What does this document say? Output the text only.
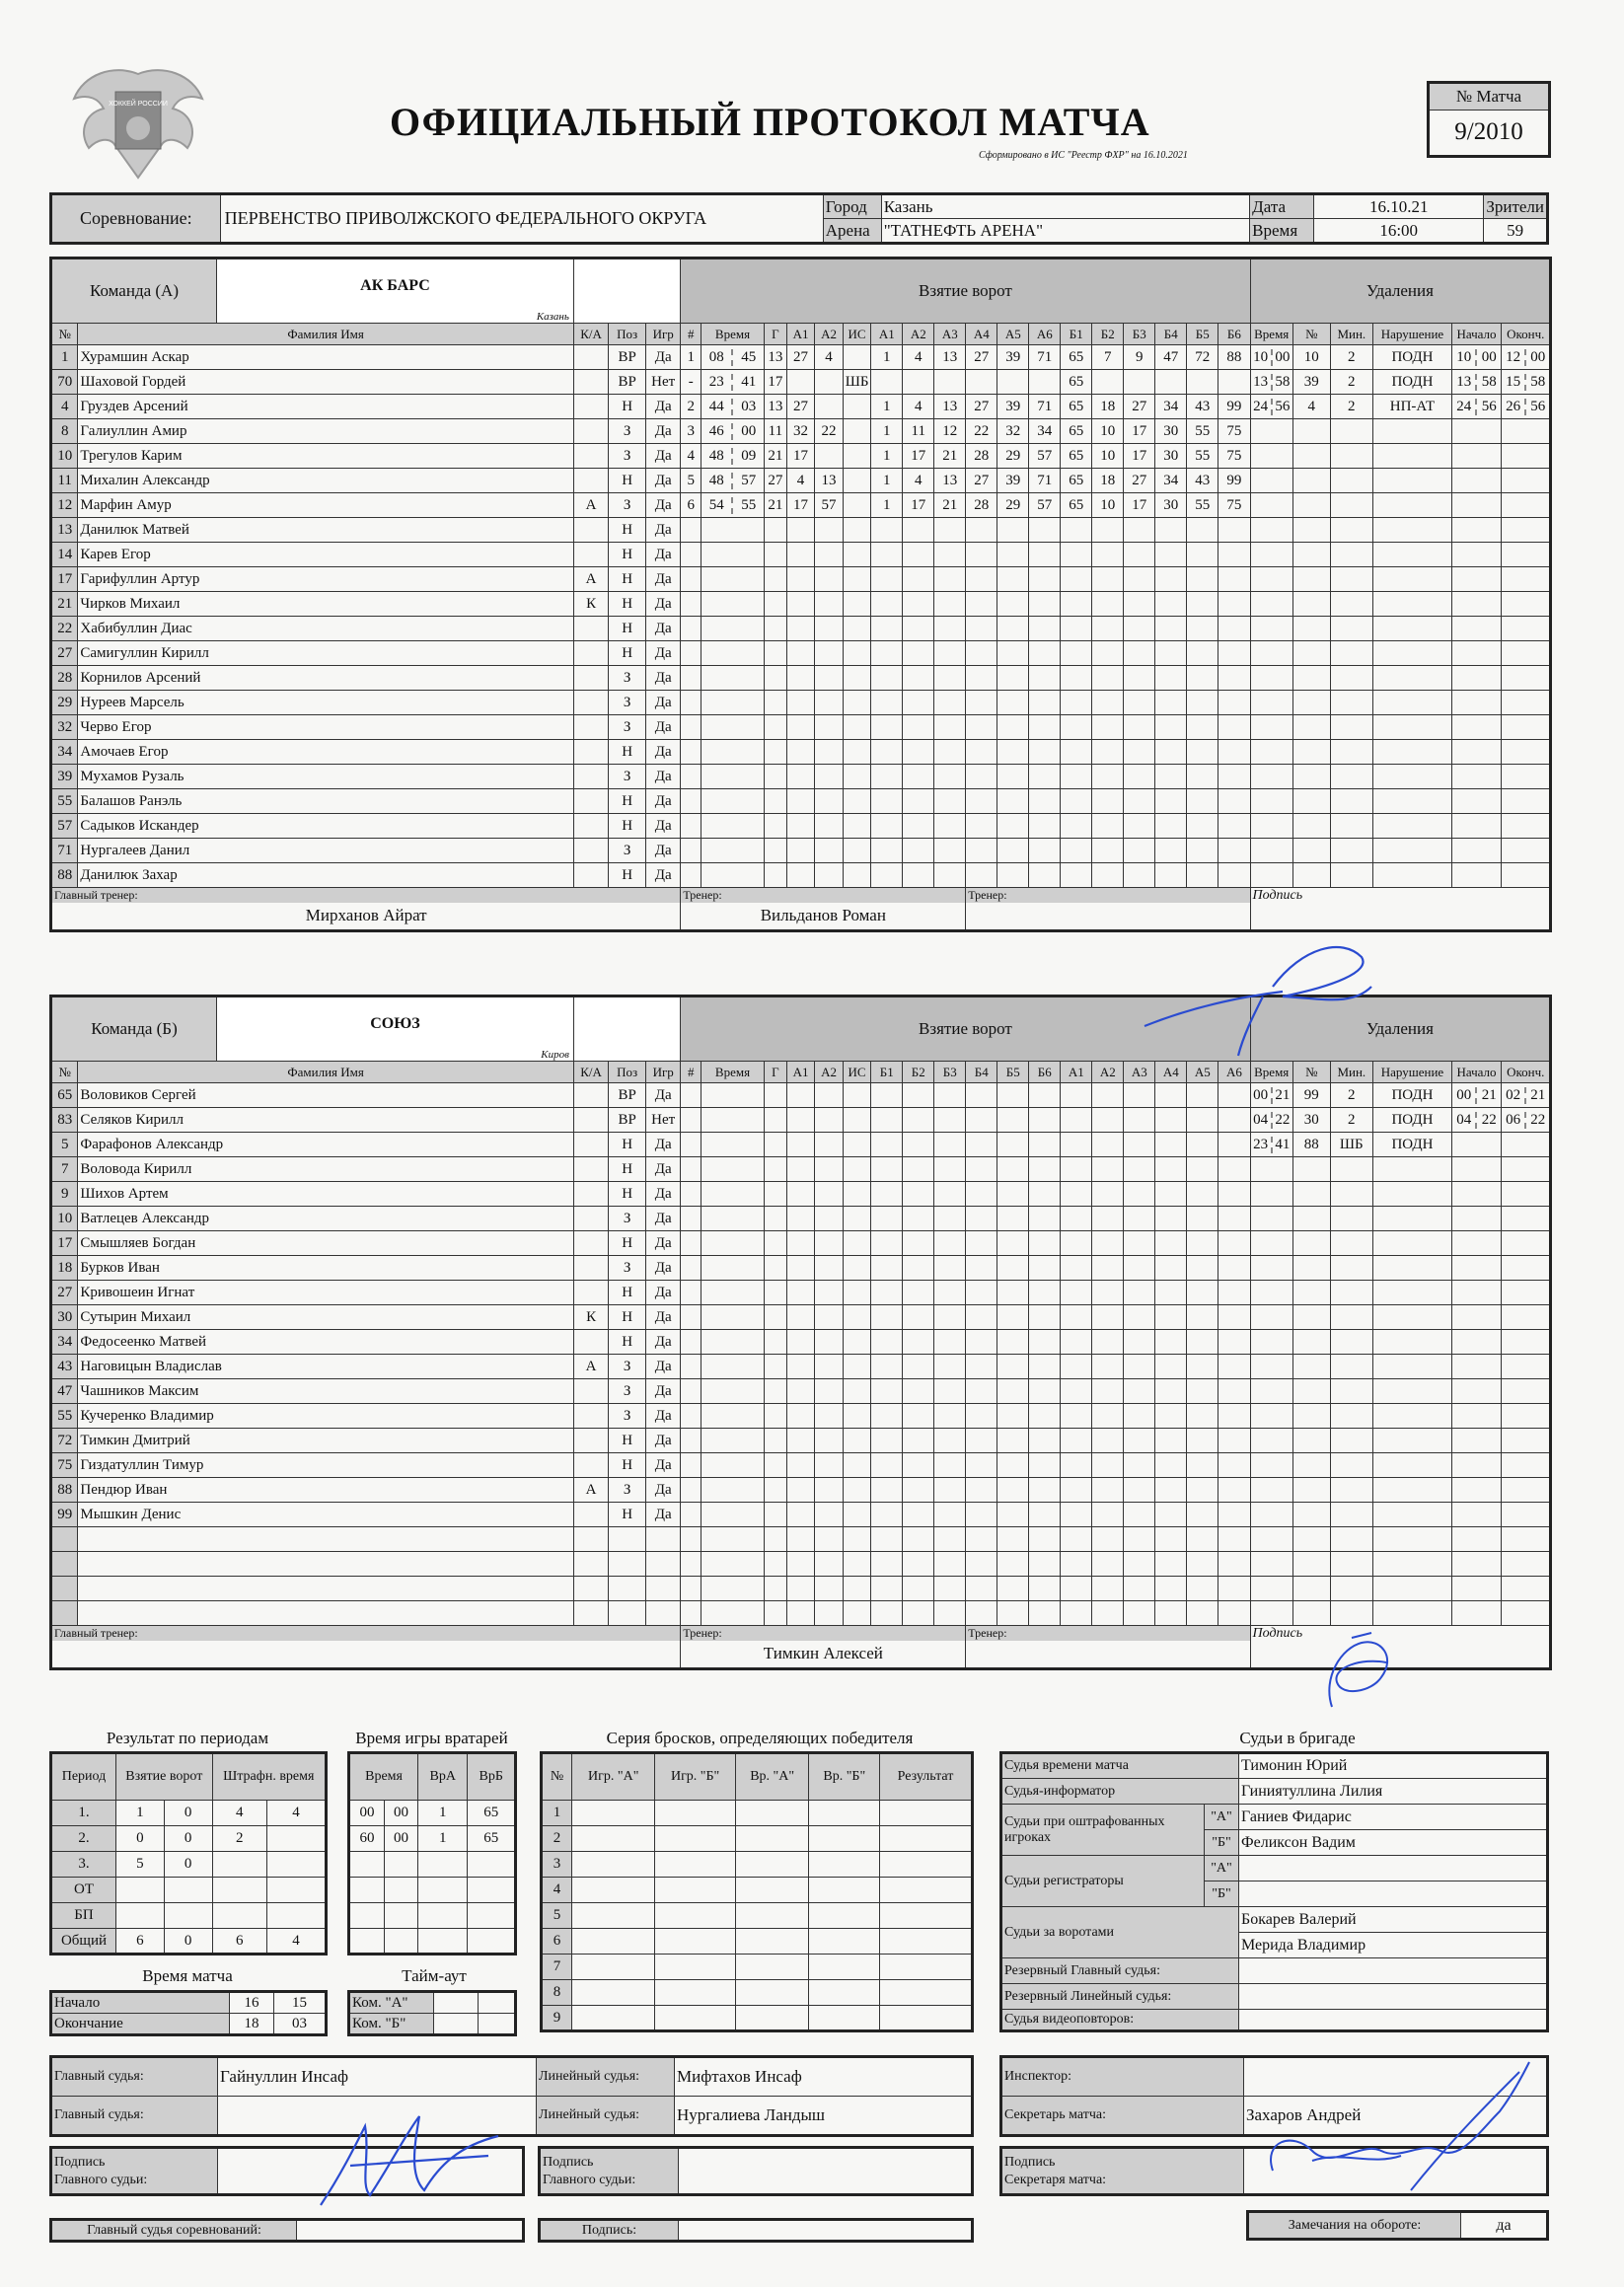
ХОККЕЙ РОССИИ	ОФИЦИАЛЬНЫЙ ПРОТОКОЛ МАТЧА
Сформировано в ИС "Реестр ФХР" на 16.10.2021
№ Матча
9/2010
Соревнование:	ПЕРВЕНСТВО ПРИВОЛЖСКОГО ФЕДЕРАЛЬНОГО ОКРУГА	Город	Казань	Дата	16.10.21	Зрители
		Арена	"ТАТНЕФТЬ АРЕНА"	Время	16:00	59
Команда (А) АК БАРС
Казань					Взятие ворот																		Удаления					
№	Фамилия Имя	К/А	Поз	Игр	#	Время	Г	А1	А2	ИС	А1	А2	А3	А4	А5	А6	Б1	Б2	Б3	Б4	Б5	Б6	Время	№	Мин.	Нарушение	Начало	Оконч.
1	Хурамшин Аскар		ВР	Да	1	08 45	13	27	4		1	4	13	27	39	71	65	7	9	47	72	88	10 00	10	2	ПОДН	10 00	12 00

70	Шаховой Гордей		ВР	Нет	-	23 41	17			ШБ							65						13 58	39	2	ПОДН	13 58	15 58

4	Груздев Арсений		Н	Да	2	44 03	13	27			1	4	13	27	39	71	65	18	27	34	43	99	24 56	4	2	НП-АТ	24 56	26 56

8	Галиуллин Амир		З	Да	3	46 00	11	32	22		1	11	12	22	32	34	65	10	17	30	55	75	

10	Трегулов Карим		З	Да	4	48 09	21	17			1	17	21	28	29	57	65	10	17	30	55	75	

11	Михалин Александр		Н	Да	5	48 57	27	4	13		1	4	13	27	39	71	65	18	27	34	43	99	

12	Марфин Амур	А	З	Да	6	54 55	21	17	57		1	17	21	28	29	57	65	10	17	30	55	75	

13	Данилюк Матвей		Н	Да		

14	Карев Егор		Н	Да		

17	Гарифуллин Артур	А	Н	Да		

21	Чирков Михаил	К	Н	Да		

22	Хабибуллин Диас		Н	Да		

27	Самигуллин Кирилл		Н	Да		

28	Корнилов Арсений		З	Да		

29	Нуреев Марсель		З	Да		

32	Черво Егор		З	Да		

34	Амочаев Егор		Н	Да		

39	Мухамов Рузаль		З	Да		

55	Балашов Ранэль		Н	Да		

57	Садыков Искандер		Н	Да		

71	Нургалеев Данил		З	Да		

88	Данилюк Захар		Н	Да		

Главный тренер:					Тренер:									Тренер:									Подпись					
Мирханов Айрат					Вильданов Роман																							
Команда (Б) СОЮЗ
Киров					Взятие ворот																		Удаления					
№	Фамилия Имя	К/А	Поз	Игр	#	Время	Г	А1	А2	ИС	Б1	Б2	Б3	Б4	Б5	Б6	А1	А2	А3	А4	А5	А6	Время	№	Мин.	Нарушение	Начало	Оконч.
65	Воловиков Сергей		ВР	Да																			00 21	99	2	ПОДН	00 21	02 21

83	Селяков Кирилл		ВР	Нет																			04 22	30	2	ПОДН	04 22	06 22

5	Фарафонов Александр		Н	Да																			23 41	88	ШБ	ПОДН	

7	Воловода Кирилл		Н	Да		

9	Шихов Артем		Н	Да		

10	Ватлецев Александр		З	Да		

17	Смышляев Богдан		Н	Да		

18	Бурков Иван		З	Да		

27	Кривошеин Игнат		Н	Да		

30	Сутырин Михаил	К	Н	Да		

34	Федосеенко Матвей		Н	Да		

43	Наговицын Владислав	А	З	Да		

47	Чашников Максим		З	Да		

55	Кучеренко Владимир		З	Да		

72	Тимкин Дмитрий		Н	Да		

75	Гиздатуллин Тимур		Н	Да		

88	Пендюр Иван	А	З	Да		

99	Мышкин Денис		Н	Да		

Главный тренер:					Тренер:									Тренер:									Подпись					
					Тимкин Алексей																							
Результат по периодам
Период	Взятие ворот		Штрафн. время	
1.	1	0	4	4
2.	0	0	2	
3.	5	0		
ОТ				
БП				
Общий	6	0	6	4
Время игры вратарей
Время		ВрА	ВрБ
00	00	1	65
60	00	1	65

Время матча
Начало	16	15
Окончание	18	03
Тайм-аут
Ком. "А"		
Ком. "Б"		
Серия бросков, определяющих победителя
№	Игр. "А"	Игр. "Б"	Вр. "А"	Вр. "Б"	Результат
1					
2					
3					
4					
5					
6					
7					
8					
9					
Судьи в бригаде
Судья времени матча		Тимонин Юрий
Судья-информатор		Гиниятуллина Лилия
Судьи при оштрафованных игроках	"А"	Ганиев Фидарис
	"Б"	Феликсон Вадим
Судьи регистраторы	"А"	
	"Б"	
Судьи за воротами		Бокарев Валерий
		Мерида Владимир
Резервный Главный судья:		
Резервный Линейный судья:		
Судья видеоповторов:		
Главный судья:	Гайнуллин Инсаф	Линейный судья:	Мифтахов Инсаф
Главный судья:		Линейный судья:	Нургалиева Ландыш
Инспектор:	
Секретарь матча:	Захаров Андрей
Подпись
Главного судьи:	
Подпись
Главного судьи:	
Подпись
Секретаря матча:	
Главный судья соревнований:		Подпись:		Замечания на обороте:	да
